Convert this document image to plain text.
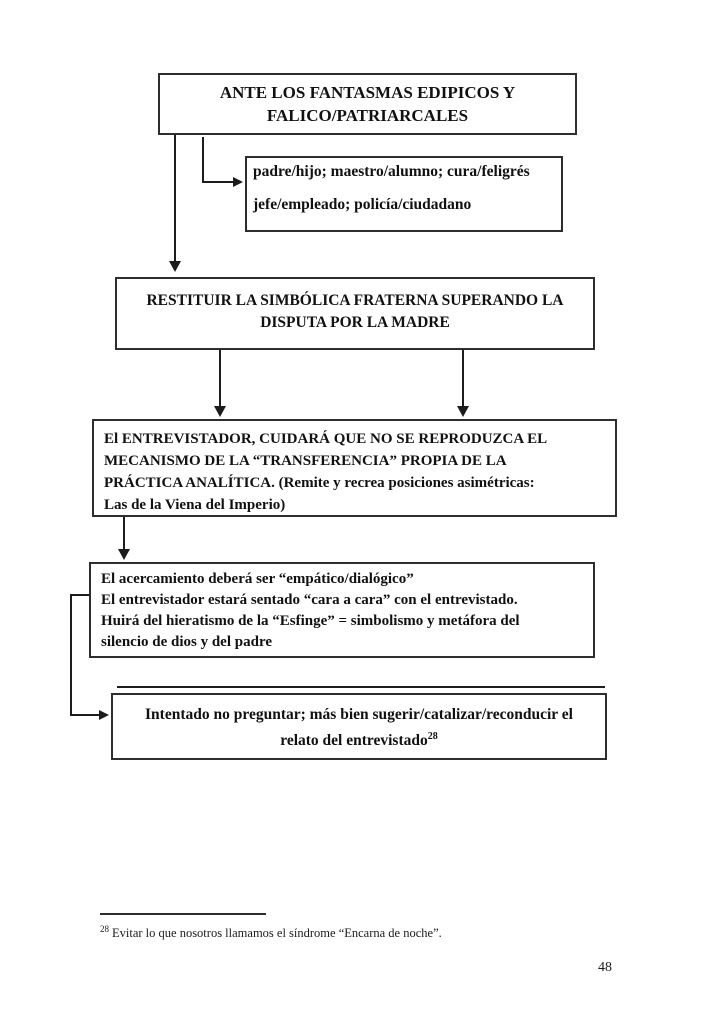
ANTE LOS FANTASMAS EDIPICOS Y
FALICO/PATRIARCALES
padre/hijo; maestro/alumno; cura/feligrés
jefe/empleado; policía/ciudadano
RESTITUIR LA SIMBÓLICA FRATERNA SUPERANDO LA
DISPUTA POR LA MADRE
El ENTREVISTADOR, CUIDARÁ QUE NO SE REPRODUZCA EL
MECANISMO DE LA “TRANSFERENCIA” PROPIA DE LA
PRÁCTICA ANALÍTICA. (Remite y recrea posiciones asimétricas:
Las de la Viena del Imperio)
El acercamiento deberá ser “empático/dialógico”
El entrevistador estará sentado “cara a cara” con el entrevistado.
Huirá del hieratismo de la “Esfinge” = simbolismo y metáfora del
silencio de dios y del padre
Intentado no preguntar; más bien sugerir/catalizar/reconducir el
relato del entrevistado$^{28}$
$^{28}$ Evitar lo que nosotros llamamos el síndrome “Encarna de noche”.
48
